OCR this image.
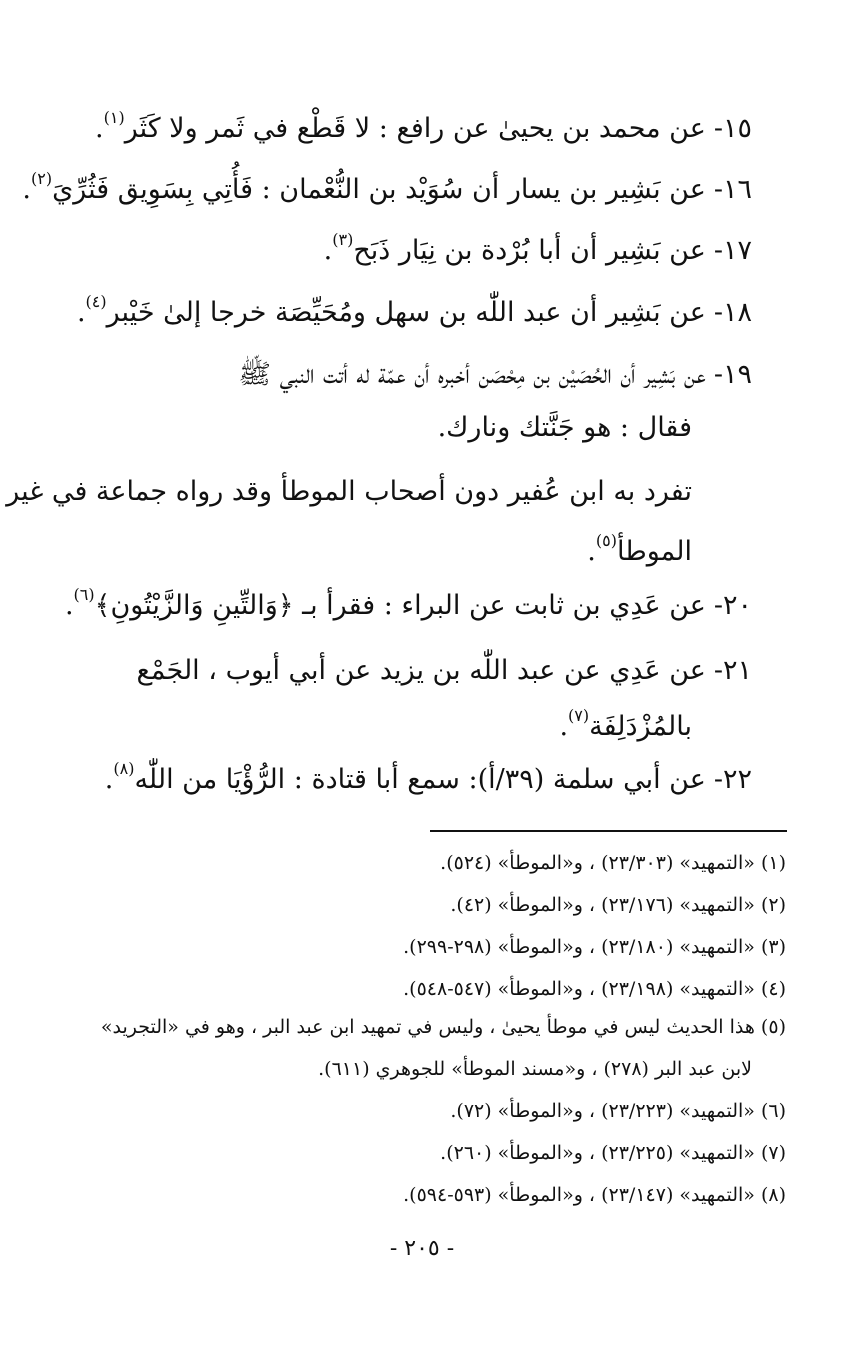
١٥-عن محمد بن يحيىٰ عن رافع : لا قَطْع في ثَمر ولا كَثَر$^{(١)}$.
١٦-عن بَشِير بن يسار أن سُوَيْد بن النُّعْمان : فَأُتِي بِسَوِيق فَثُرِّيَ$^{(٢)}$.
١٧-عن بَشِير أن أبا بُرْدة بن نِيَار ذَبَح$^{(٣)}$.
١٨-عن بَشِير أن عبد اللّٰه بن سهل ومُحَيِّصَة خرجا إلىٰ خَيْبر$^{(٤)}$.
١٩-عن بَشِير أن الحُصَيْن بن مِحْصَن أخبره أن عمّة له أتت النبي ﷺ
فقال : هو جَنَّتك ونارك.
تفرد به ابن عُفير دون أصحاب الموطأ وقد رواه جماعة في غير
الموطأ$^{(٥)}$.
٢٠-عن عَدِي بن ثابت عن البراء : فقرأ بـ ﴿وَالتِّينِ وَالزَّيْتُونِ﴾$^{(٦)}$.
٢١-عن عَدِي عن عبد اللّٰه بن يزيد عن أبي أيوب ، الجَمْع
بالمُزْدَلِفَة$^{(٧)}$.
٢٢-عن أبي سلمة (٣٩/أ): سمع أبا قتادة : الرُّؤْيَا من اللّٰه$^{(٨)}$.
(١) «التمهيد» (٢٣/٣٠٣) ، و«الموطأ» (٥٢٤).
(٢) «التمهيد» (٢٣/١٧٦) ، و«الموطأ» (٤٢).
(٣) «التمهيد» (٢٣/١٨٠) ، و«الموطأ» (٢٩٨-٢٩٩).
(٤) «التمهيد» (٢٣/١٩٨) ، و«الموطأ» (٥٤٧-٥٤٨).
(٥) هذا الحديث ليس في موطأ يحيىٰ ، وليس في تمهيد ابن عبد البر ، وهو في «التجريد»
لابن عبد البر (٢٧٨) ، و«مسند الموطأ» للجوهري (٦١١).
(٦) «التمهيد» (٢٣/٢٢٣) ، و«الموطأ» (٧٢).
(٧) «التمهيد» (٢٣/٢٢٥) ، و«الموطأ» (٢٦٠).
(٨) «التمهيد» (٢٣/١٤٧) ، و«الموطأ» (٥٩٣-٥٩٤).
- ٢٠٥ -
